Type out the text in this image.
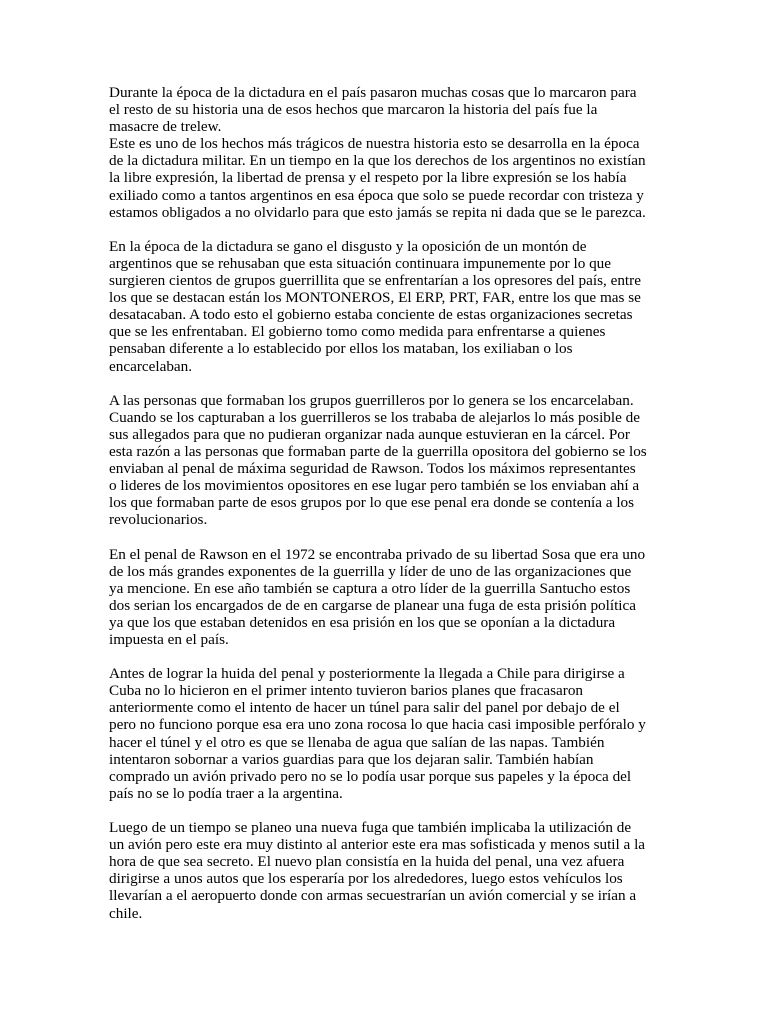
Durante la época de la dictadura en el país pasaron muchas cosas que lo marcaron para
el resto de su historia una de esos hechos que marcaron la historia del país fue la
masacre de trelew.
Este es uno de los hechos más trágicos de nuestra historia esto se desarrolla en la época
de la dictadura militar. En un tiempo en la que los derechos de los argentinos no existían
la libre expresión, la libertad de prensa y el respeto por la libre expresión se los había
exiliado como a tantos argentinos en esa época que solo se puede recordar con tristeza y
estamos obligados a no olvidarlo para que esto jamás se repita ni dada que se le parezca.

En la época de la dictadura se gano el disgusto y la oposición de un montón de
argentinos que se rehusaban que esta situación continuara impunemente por lo que
surgieren cientos de grupos guerrillita que se enfrentarían a los opresores del país, entre
los que se destacan están los MONTONEROS, El ERP, PRT, FAR, entre los que mas se
desatacaban. A todo esto el gobierno estaba conciente de estas organizaciones secretas
que se les enfrentaban. El gobierno tomo como medida para enfrentarse a quienes
pensaban diferente a lo establecido por ellos los mataban, los exiliaban o los
encarcelaban.

A las personas que formaban los grupos guerrilleros por lo genera se los encarcelaban.
Cuando se los capturaban a los guerrilleros se los trababa de alejarlos lo más posible de
sus allegados para que no pudieran organizar nada aunque estuvieran en la cárcel. Por
esta razón a las personas que formaban parte de la guerrilla opositora del gobierno se los
enviaban al penal de máxima seguridad de Rawson. Todos los máximos representantes
o lideres de los movimientos opositores en ese lugar pero también se los enviaban ahí a
los que formaban parte de esos grupos por lo que ese penal era donde se contenía a los
revolucionarios.

En el penal de Rawson en el 1972 se encontraba privado de su libertad Sosa que era uno
de los más grandes exponentes de la guerrilla y líder de uno de las organizaciones que
ya mencione. En ese año también se captura a otro líder de la guerrilla Santucho estos
dos serian los encargados de de en cargarse de planear una fuga de esta prisión política
ya que los que estaban detenidos en esa prisión en los que se oponían a la dictadura
impuesta en el país.

Antes de lograr la huida del penal y posteriormente la llegada a Chile para dirigirse a
Cuba no lo hicieron en el primer intento tuvieron barios planes que fracasaron
anteriormente como el intento de hacer un túnel para salir del panel por debajo de el
pero no funciono porque esa era uno zona rocosa lo que hacia casi imposible perfóralo y
hacer el túnel y el otro es que se llenaba de agua que salían de las napas. También
intentaron sobornar a varios guardias para que los dejaran salir. También habían
comprado un avión privado pero no se lo podía usar porque sus papeles y la época del
país no se lo podía traer a la argentina.

Luego de un tiempo se planeo una nueva fuga que también implicaba la utilización de
un avión pero este era muy distinto al anterior este era mas sofisticada y menos sutil a la
hora de que sea secreto. El nuevo plan consistía en la huida del penal, una vez afuera
dirigirse a unos autos que los esperaría por los alrededores, luego estos vehículos los
llevarían a el aeropuerto donde con armas secuestrarían un avión comercial y se irían a
chile.
